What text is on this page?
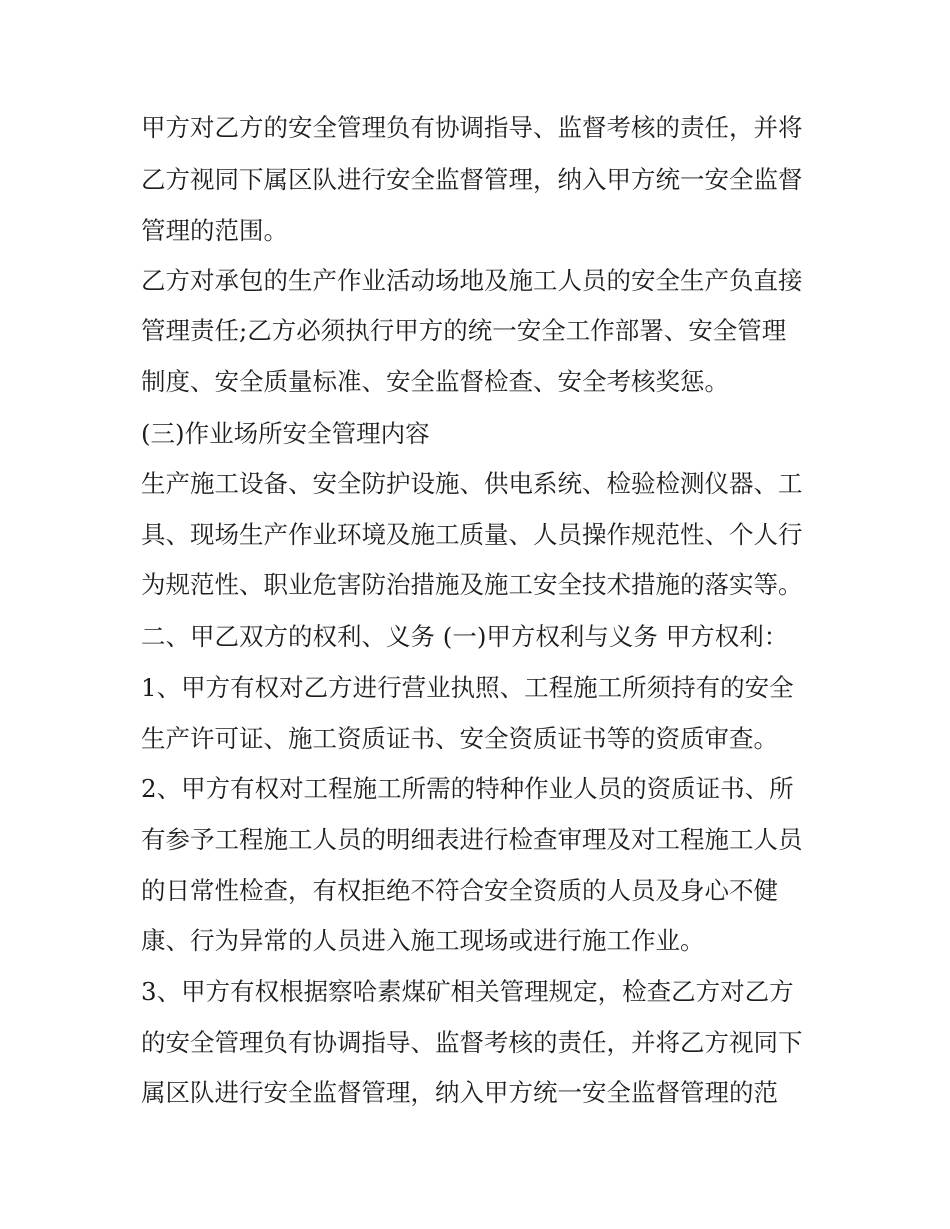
甲方对乙方的安全管理负有协调指导、监督考核的责任，并将
乙方视同下属区队进行安全监督管理，纳入甲方统一安全监督
管理的范围。
乙方对承包的生产作业活动场地及施工人员的安全生产负直接
管理责任;乙方必须执行甲方的统一安全工作部署、安全管理
制度、安全质量标准、安全监督检查、安全考核奖惩。
(三)作业场所安全管理内容
生产施工设备、安全防护设施、供电系统、检验检测仪器、工
具、现场生产作业环境及施工质量、人员操作规范性、个人行
为规范性、职业危害防治措施及施工安全技术措施的落实等。
二、甲乙双方的权利、义务 (一)甲方权利与义务 甲方权利：
1、甲方有权对乙方进行营业执照、工程施工所须持有的安全
生产许可证、施工资质证书、安全资质证书等的资质审查。
2、甲方有权对工程施工所需的特种作业人员的资质证书、所
有参予工程施工人员的明细表进行检查审理及对工程施工人员
的日常性检查，有权拒绝不符合安全资质的人员及身心不健
康、行为异常的人员进入施工现场或进行施工作业。
3、甲方有权根据察哈素煤矿相关管理规定，检查乙方对乙方
的安全管理负有协调指导、监督考核的责任，并将乙方视同下
属区队进行安全监督管理，纳入甲方统一安全监督管理的范
